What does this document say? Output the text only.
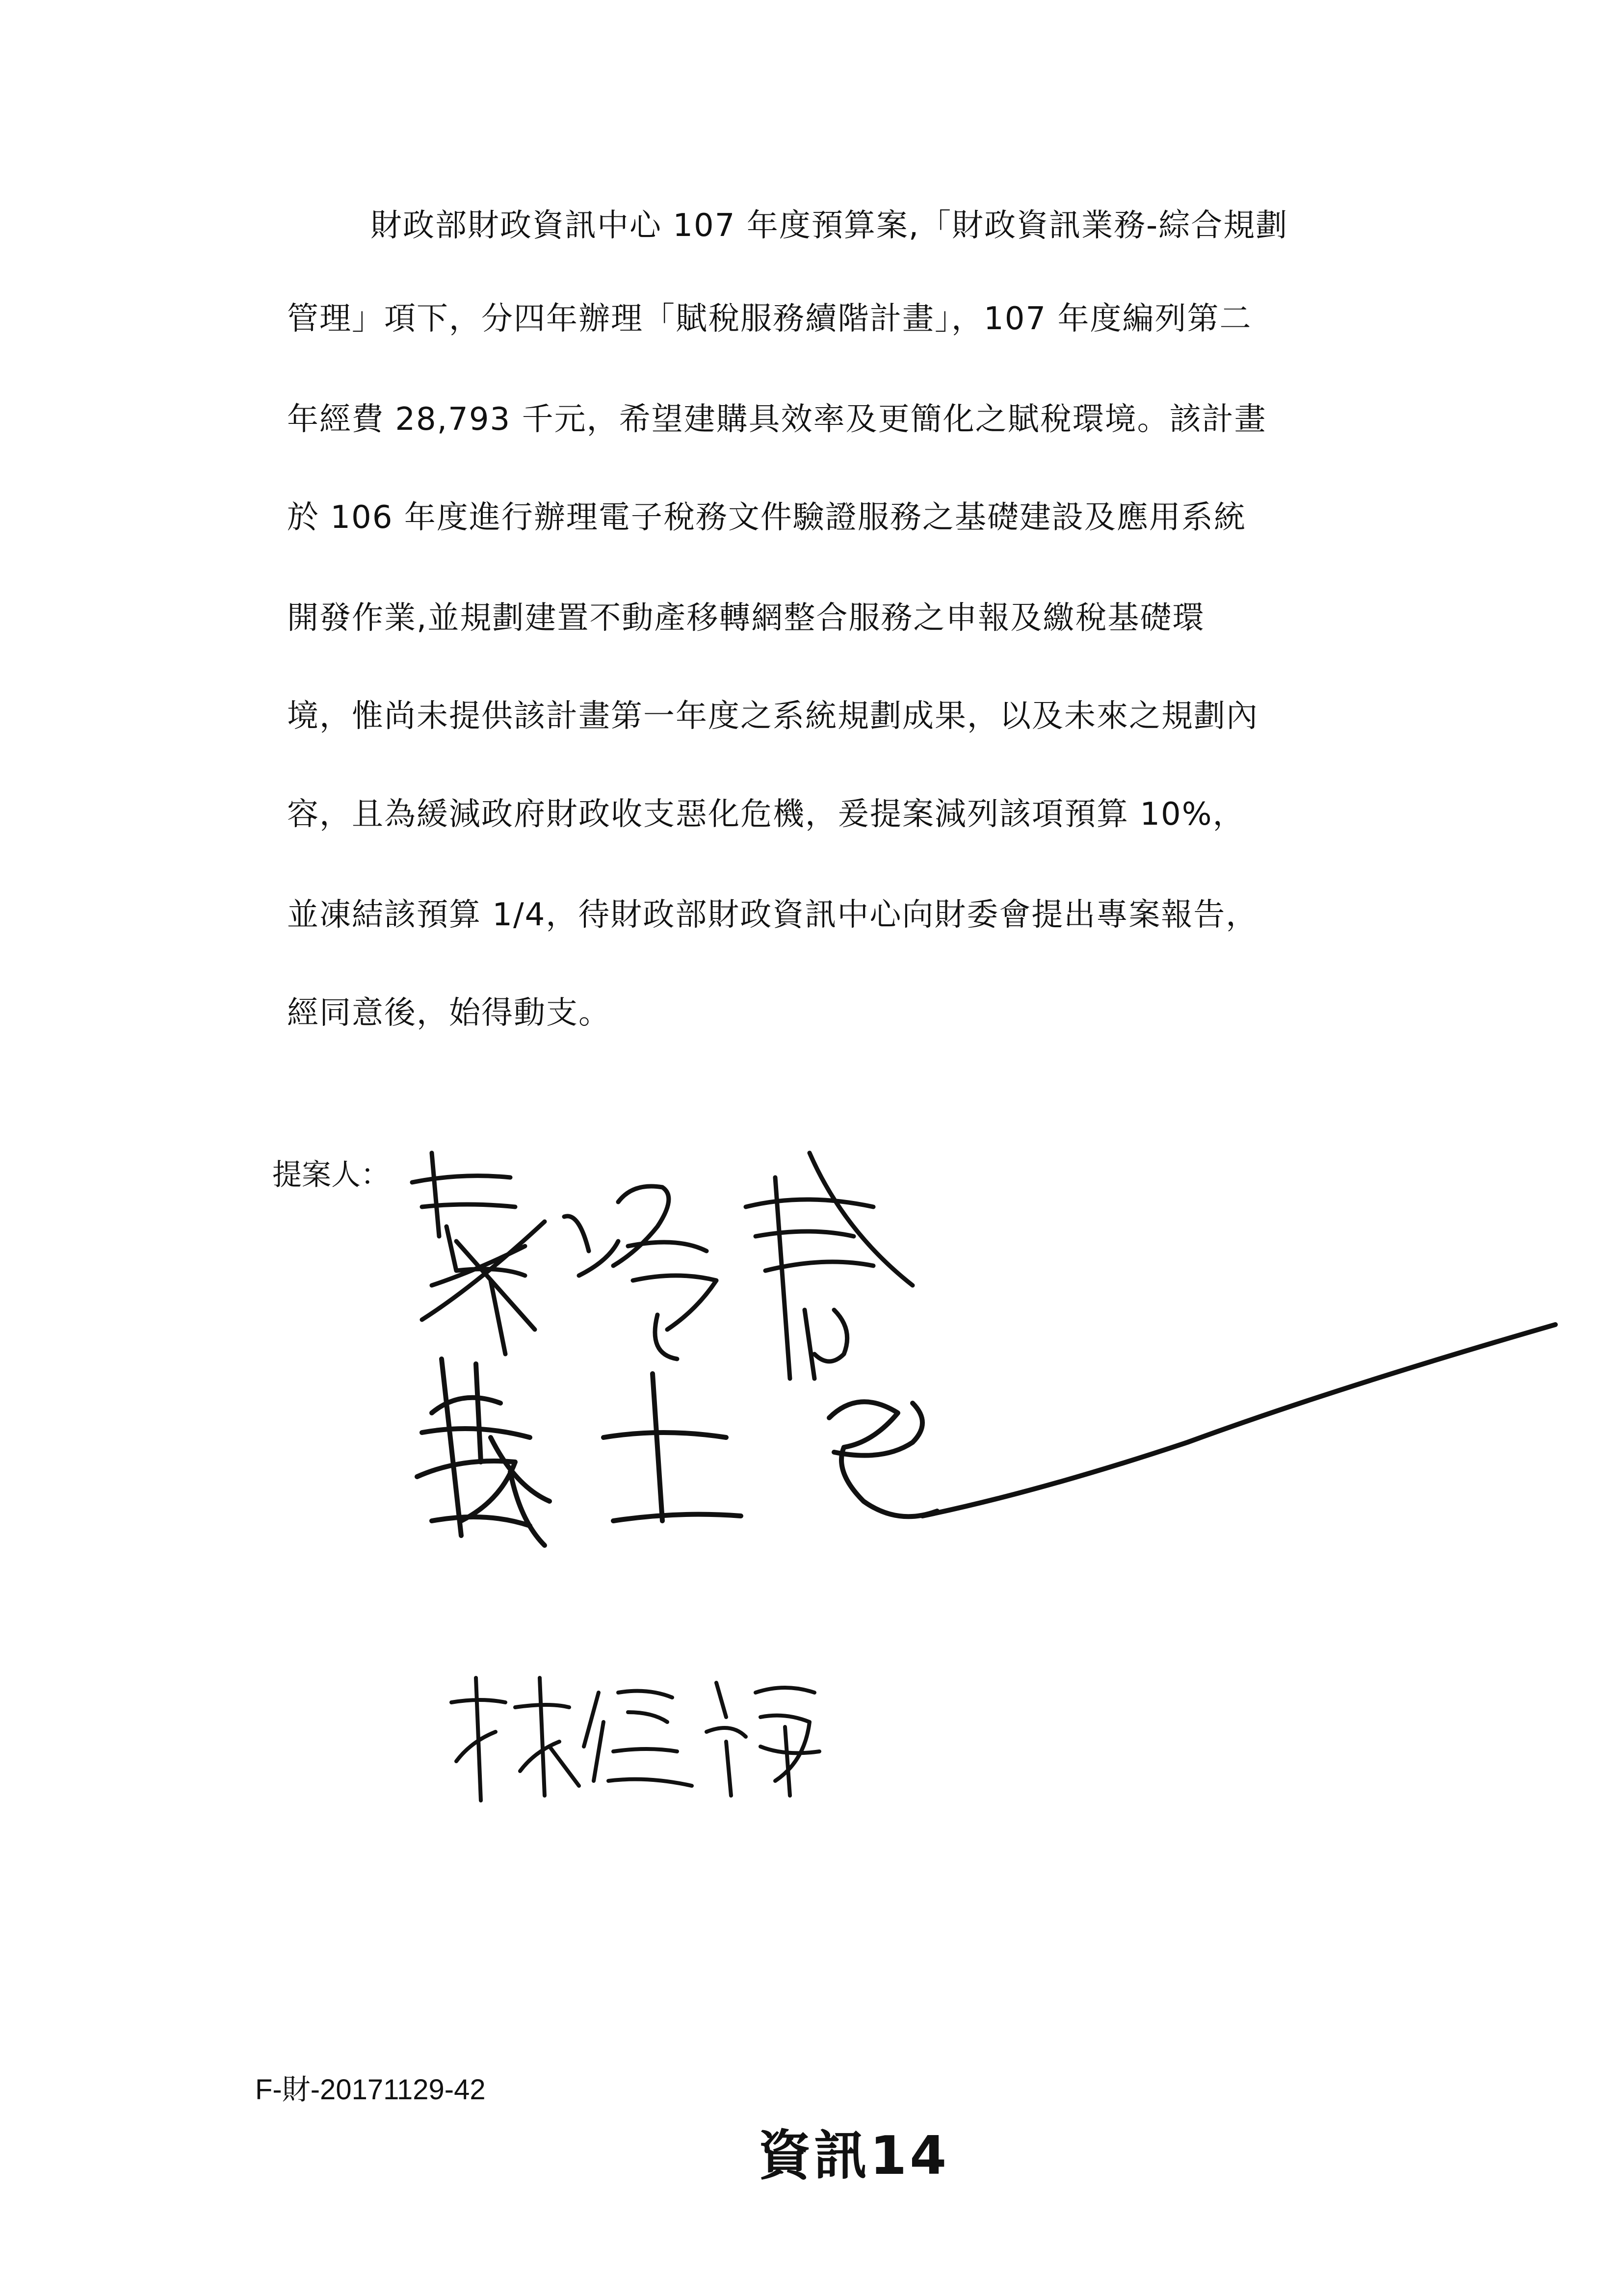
財政部財政資訊中心 107 年度預算案,「財政資訊業務-綜合規劃
管理」項下，分四年辦理「賦稅服務續階計畫」，107 年度編列第二
年經費 28,793 千元，希望建購具效率及更簡化之賦稅環境。該計畫
於 106 年度進行辦理電子稅務文件驗證服務之基礎建設及應用系統
開發作業,並規劃建置不動產移轉網整合服務之申報及繳稅基礎環
境，惟尚未提供該計畫第一年度之系統規劃成果，以及未來之規劃內
容，且為緩減政府財政收支惡化危機，爰提案減列該項預算 10%，
並凍結該預算 1/4，待財政部財政資訊中心向財委會提出專案報告，
經同意後，始得動支。
提案人：
F-財-20171129-42
資訊14
